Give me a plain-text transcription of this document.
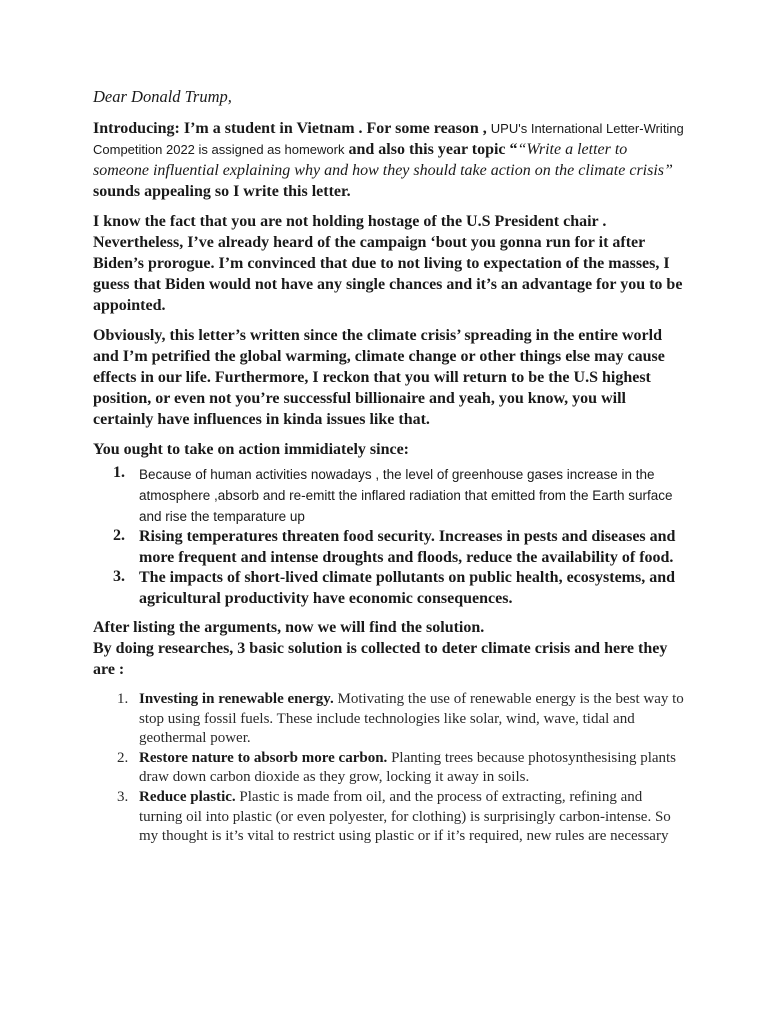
Dear Donald Trump,

Introducing: I’m a student in Vietnam . For some reason , UPU's International Letter-Writing Competition 2022 is assigned as homework and also this year topic ““Write a letter to someone influential explaining why and how they should take action on the climate crisis” sounds appealing so I write this letter.

I know the fact that you are not holding hostage of the U.S President chair . Nevertheless, I’ve already heard of the campaign ‘bout you gonna run for it after Biden’s prorogue. I’m convinced that due to not living to expectation of the masses, I guess that Biden would not have any single chances and it’s an advantage for you to be appointed.

Obviously, this letter’s written since the climate crisis’ spreading in the entire world and I’m petrified the global warming, climate change or other things else may cause effects in our life. Furthermore, I reckon that you will return to be the U.S highest position, or even not you’re successful billionaire and yeah, you know, you will certainly have influences in kinda issues like that.

You ought to take on action immidiately since:

1.	Because of human activities nowadays , the level of greenhouse gases increase in the atmosphere ,absorb and re-emitt the inflared radiation that emitted from the Earth surface and rise the temparature up
2. Rising temperatures threaten food security. Increases in pests and diseases and more frequent and intense droughts and floods, reduce the availability of food.
3. The impacts of short-lived climate pollutants on public health, ecosystems, and agricultural productivity have economic consequences.

After listing the arguments, now we will find the solution.
By doing researches, 3 basic solution is collected to deter climate crisis and here they are :

1. Investing in renewable energy. Motivating the use of renewable energy is the best way to stop using fossil fuels. These include technologies like solar, wind, wave, tidal and geothermal power.
2. Restore nature to absorb more carbon. Planting trees because photosynthesising plants draw down carbon dioxide as they grow, locking it away in soils.
3. Reduce plastic. Plastic is made from oil, and the process of extracting, refining and turning oil into plastic (or even polyester, for clothing) is surprisingly carbon-intense. So my thought is it’s vital to restrict using plastic or if it’s required, new rules are necessary
